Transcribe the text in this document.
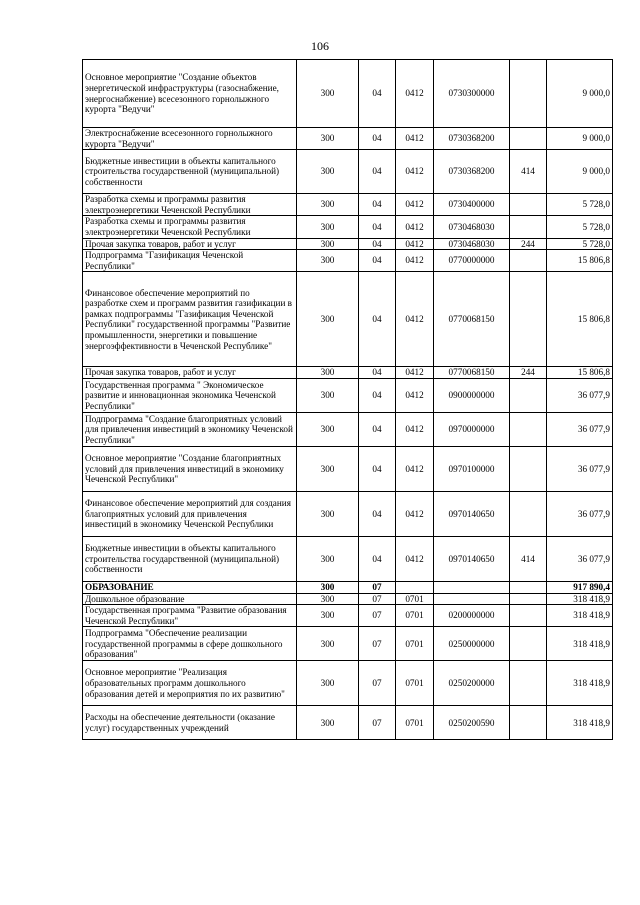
106
Основное мероприятие "Создание объектов энергетической инфраструктуры (газоснабжение, энергоснабжение) всесезонного горнолыжного курорта "Ведучи"	300	04	0412	0730300000		9 000,0
Электроснабжение всесезонного горнолыжного курорта "Ведучи"	300	04	0412	0730368200		9 000,0
Бюджетные инвестиции в объекты капитального строительства государственной (муниципальной) собственности	300	04	0412	0730368200	414	9 000,0
Разработка схемы и программы развития электроэнергетики Чеченской Республики	300	04	0412	0730400000		5 728,0
Разработка схемы и программы развития электроэнергетики Чеченской Республики	300	04	0412	0730468030		5 728,0
Прочая закупка товаров, работ и услуг	300	04	0412	0730468030	244	5 728,0
Подпрограмма "Газификация Чеченской Республики"	300	04	0412	0770000000		15 806,8
Финансовое обеспечение мероприятий по разработке схем и программ развития газификации в рамках подпрограммы "Газификация Чеченской Республики" государственной программы "Развитие промышленности, энергетики и повышение энергоэффективности в Чеченской Республике"	300	04	0412	0770068150		15 806,8
Прочая закупка товаров, работ и услуг	300	04	0412	0770068150	244	15 806,8
Государственная программа " Экономическое развитие и инновационная экономика Чеченской Республики"	300	04	0412	0900000000		36 077,9
Подпрограмма "Создание благоприятных условий для привлечения инвестиций в экономику Чеченской Республики"	300	04	0412	0970000000		36 077,9
Основное мероприятие "Создание благоприятных условий для привлечения инвестиций в экономику Чеченской Республики"	300	04	0412	0970100000		36 077,9
Финансовое обеспечение мероприятий для создания благоприятных условий для привлечения инвестиций в экономику Чеченской Республики	300	04	0412	0970140650		36 077,9
Бюджетные инвестиции в объекты капитального строительства государственной (муниципальной) собственности	300	04	0412	0970140650	414	36 077,9
ОБРАЗОВАНИЕ	300	07				917 890,4
Дошкольное образование	300	07	0701			318 418,9
Государственная программа "Развитие образования Чеченской Республики"	300	07	0701	0200000000		318 418,9
Подпрограмма "Обеспечение реализации государственной программы в сфере дошкольного образования"	300	07	0701	0250000000		318 418,9
Основное мероприятие "Реализация образовательных программ дошкольного образования детей и мероприятия по их развитию"	300	07	0701	0250200000		318 418,9
Расходы на обеспечение деятельности (оказание услуг) государственных учреждений	300	07	0701	0250200590		318 418,9
